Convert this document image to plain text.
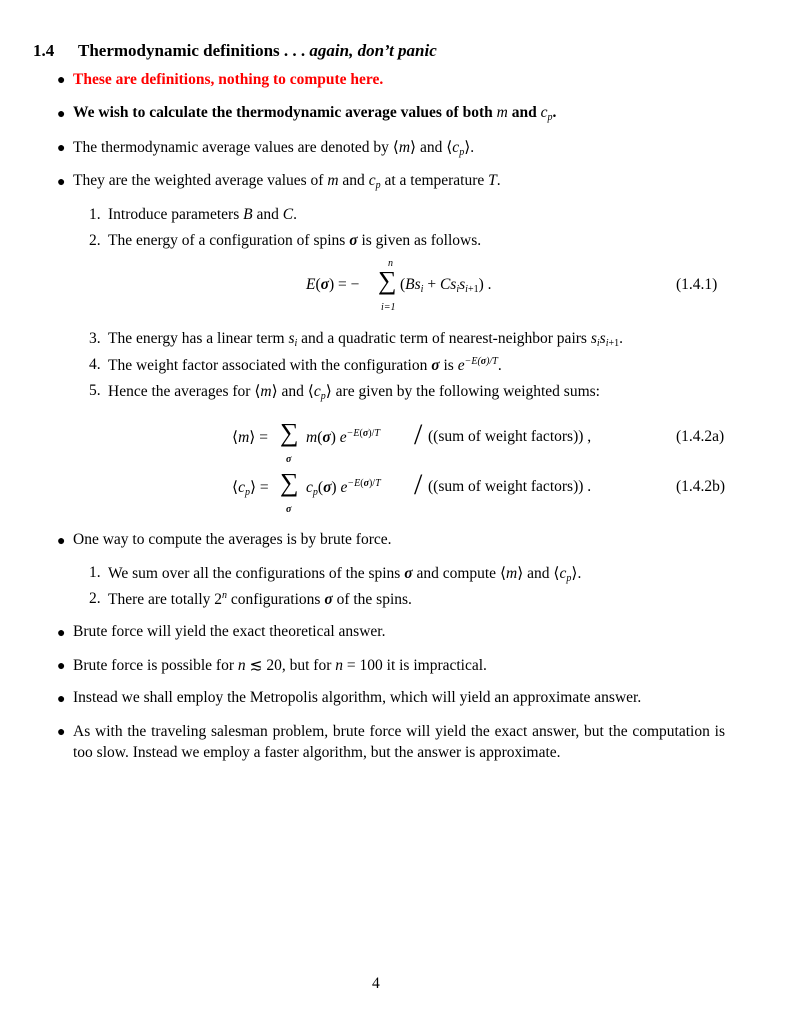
1.4 Thermodynamic definitions . . . again, don’t panic
● These are definitions, nothing to compute here.
● We wish to calculate the thermodynamic average values of both m and $c_p$.
● The thermodynamic average values are denoted by ⟨m⟩ and $⟨c_p⟩$.
● They are the weighted average values of m and $c_p$ at a temperature T.
1. Introduce parameters B and C.
2. The energy of a configuration of spins σ is given as follows.
E(σ) = −
n
∑
i=1
$(Bs_i + Cs_is_{i+1})$ .	(1.4.1)
3. The energy has a linear term $s_i$ and a quadratic term of nearest-neighbor pairs $s_is_{i+1}$.
4. The weight factor associated with the configuration σ is $e^{-E(\sigma)/T}$.
5. Hence the averages for ⟨m⟩ and $⟨c_p⟩$ are given by the following weighted sums:
⟨m⟩ = ∑
σ
m(σ) $e^{-E(\sigma)/T} / ((sum$ of weight factors)) ,	(1.4.2a)
$⟨c_p⟩$ = ∑
σ
$c_p(\sigma)$ $e^{-E(\sigma)/T} / ((sum$ of weight factors)) .	(1.4.2b)
● One way to compute the averages is by brute force.
1. We sum over all the configurations of the spins σ and compute ⟨m⟩ and $⟨c_p⟩$.
2. There are totally 2$^n$ configurations σ of the spins.
● Brute force will yield the exact theoretical answer.
● Brute force is possible for n ≲ 20, but for n = 100 it is impractical.
● Instead we shall employ the Metropolis algorithm, which will yield an approximate answer.
● As with the traveling salesman problem, brute force will yield the exact answer, but the computation is too slow. Instead we employ a faster algorithm, but the answer is approximate.
4
